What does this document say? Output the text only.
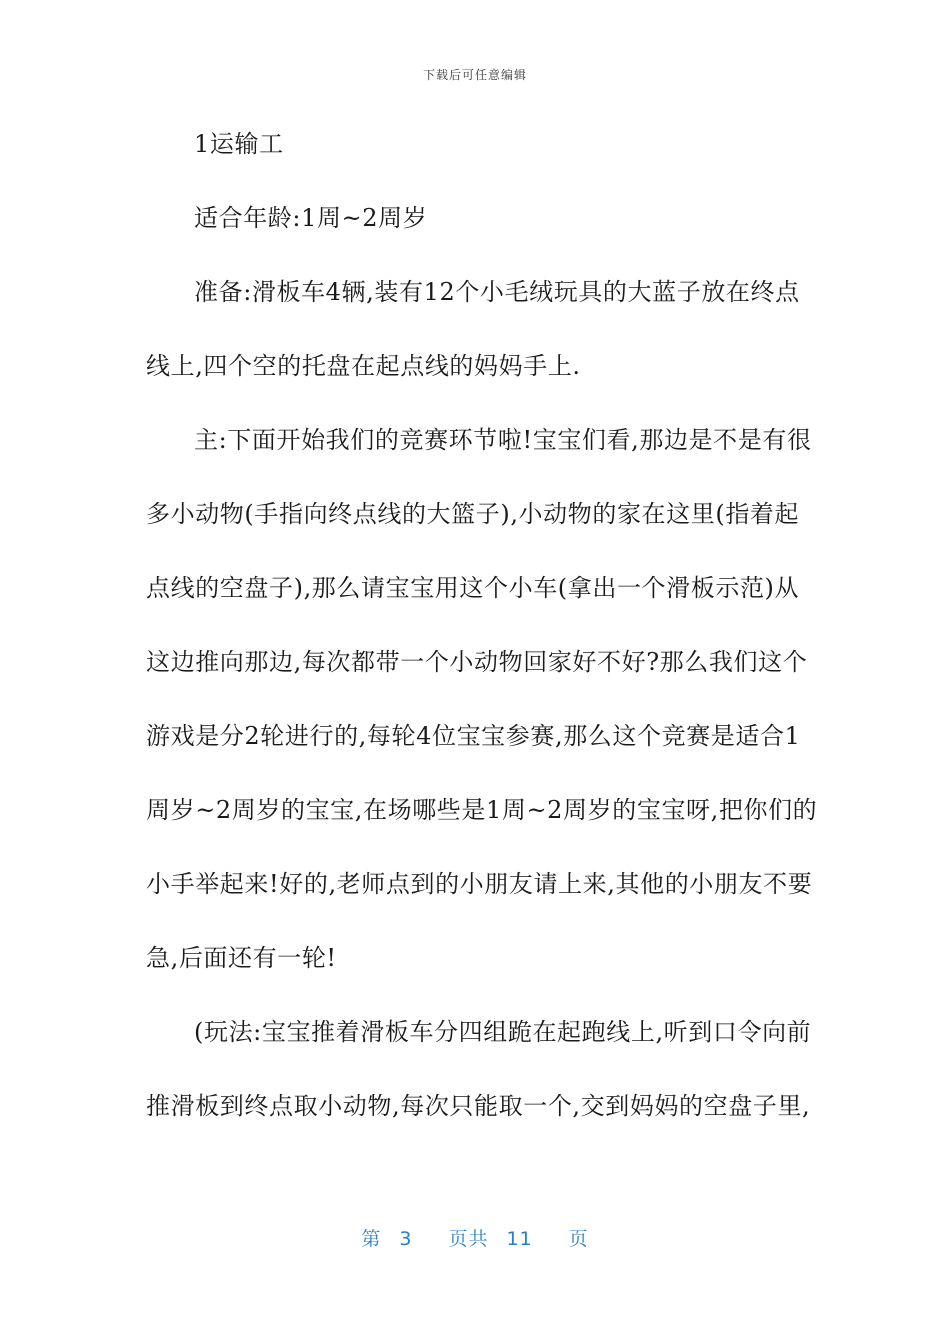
下载后可任意编辑
1运输工
适合年龄:1周~2周岁
准备:滑板车4辆,装有12个小毛绒玩具的大蓝子放在终点
线上,四个空的托盘在起点线的妈妈手上.
主:下面开始我们的竞赛环节啦!宝宝们看,那边是不是有很
多小动物(手指向终点线的大篮子),小动物的家在这里(指着起
点线的空盘子),那么请宝宝用这个小车(拿出一个滑板示范)从
这边推向那边,每次都带一个小动物回家好不好?那么我们这个
游戏是分2轮进行的,每轮4位宝宝参赛,那么这个竞赛是适合1
周岁~2周岁的宝宝,在场哪些是1周~2周岁的宝宝呀,把你们的
小手举起来!好的,老师点到的小朋友请上来,其他的小朋友不要
急,后面还有一轮!
(玩法:宝宝推着滑板车分四组跪在起跑线上,听到口令向前
推滑板到终点取小动物,每次只能取一个,交到妈妈的空盘子里,
第 3 页共 11 页
